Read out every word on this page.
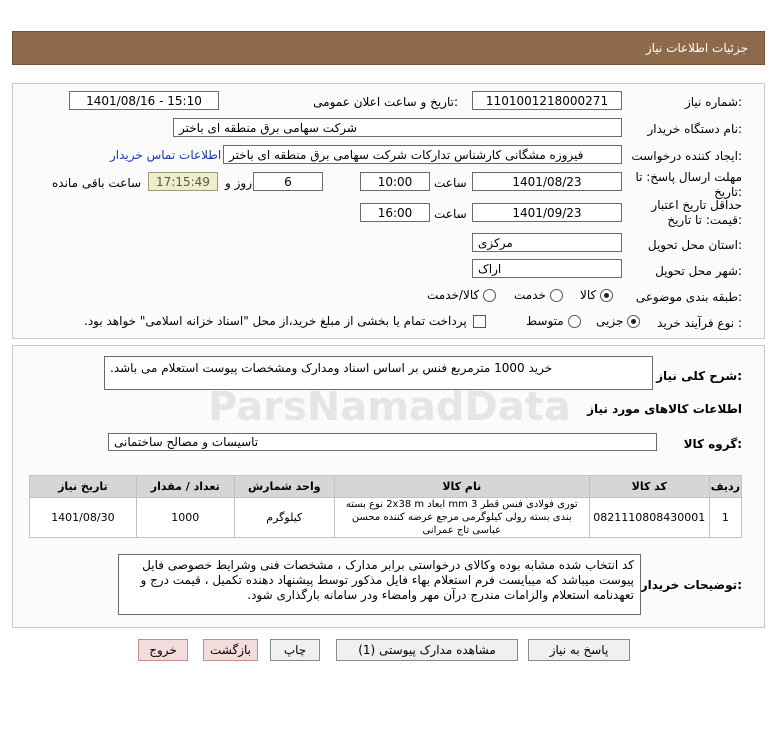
جزئیات اطلاعات نیاز
شماره نیاز:
1101001218000271
تاریخ و ساعت اعلان عمومی:
1401/08/16 - 15:10
نام دستگاه خریدار:
شرکت سهامی برق منطقه ای باختر
ایجاد کننده درخواست:
فیروزه مشگانی کارشناس تدارکات شرکت سهامی برق منطقه ای باختر
اطلاعات تماس خریدار
مهلت ارسال پاسخ: تا تاریخ:
1401/08/23
ساعت
10:00
6
روز و
17:15:49
ساعت باقی مانده
حداقل تاریخ اعتبار قیمت: تا تاریخ:
1401/09/23
ساعت
16:00
استان محل تحویل:
مرکزی
شهر محل تحویل:
اراک
طبقه بندی موضوعی:
کالا
خدمت
کالا/خدمت
نوع فرآیند خرید :
جزیی
متوسط
پرداخت تمام یا بخشی از مبلغ خرید،از محل "اسناد خزانه اسلامی" خواهد بود.
شرح کلی نیاز:
خرید 1000 مترمربع فنس بر اساس اسناد ومدارک ومشخصات پیوست استعلام می باشد.
اطلاعات کالاهای مورد نیاز
گروه کالا:
تاسیسات و مصالح ساختمانی
ردیف	کد کالا	نام کالا	واحد شمارش	تعداد / مقدار	تاریخ نیاز
1	0821110808430001	توری فولادی فنس قطر 3 mm ابعاد 2x38 m نوع بسته بندی بسته رولی کیلوگرمی مرجع عرضه کننده محسن عباسی تاج عمرانی	کیلوگرم	1000	1401/08/30
توضیحات خریدار:
کد انتخاب شده مشابه بوده وکالای درخواستی برابر مدارک ، مشخصات فنی وشرایط خصوصی فایل پیوست میباشد که میبایست فرم استعلام بهاء فایل مذکور توسط پیشنهاد دهنده تکمیل ، قیمت درج و تعهدنامه استعلام والزامات مندرج درآن مهر وامضاء ودر سامانه بارگذاری شود.
پاسخ به نیاز
مشاهده مدارک پیوستی (1)
چاپ
بازگشت
خروج
ParsNamadData
